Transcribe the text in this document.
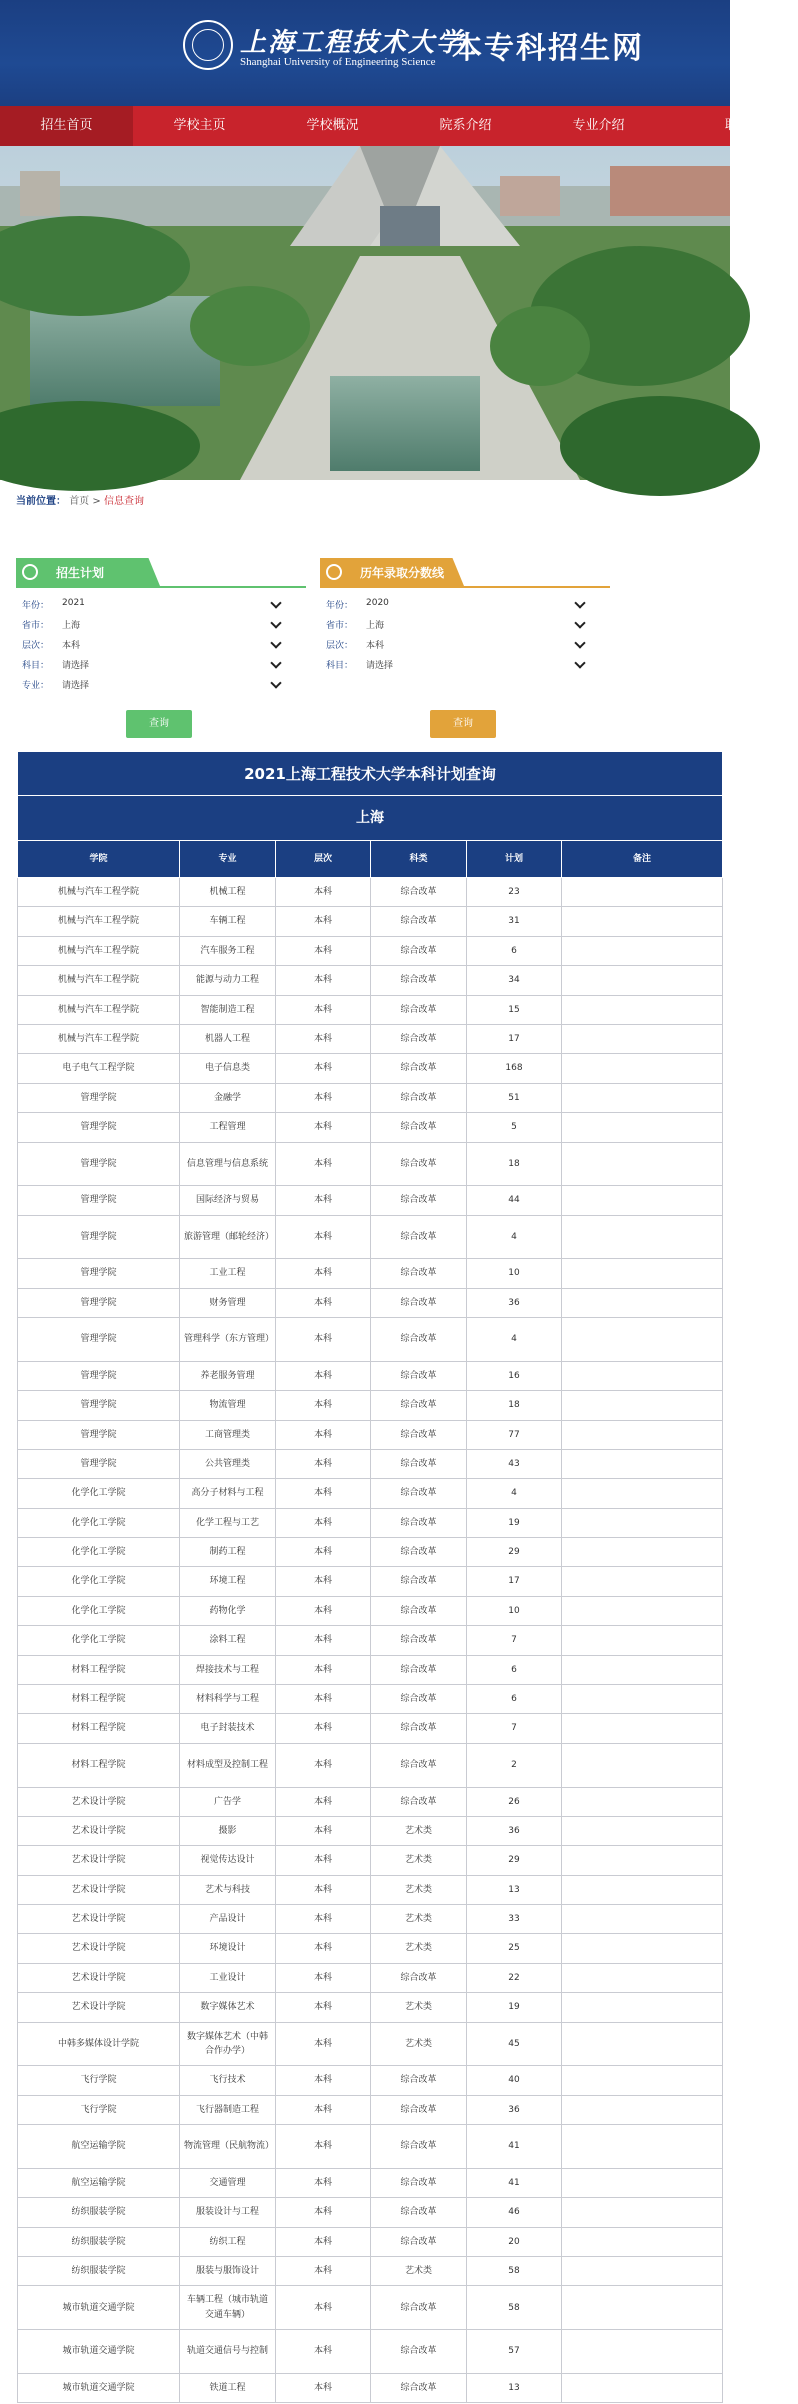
上海工程技术大学
Shanghai University of Engineering Science 本专科招生网
招生首页	学校主页	学校概况	院系介绍	专业介绍	联
当前位置： 首页 > 信息查询
招生计划
年份： 2021
省市： 上海
层次： 本科
科目： 请选择
专业： 请选择
历年录取分数线
年份： 2020
省市： 上海
层次： 本科
科目： 请选择
查询	查询
2021上海工程技术大学本科计划查询					
上海					
学院	专业	层次	科类	计划	备注
机械与汽车工程学院	机械工程	本科	综合改革	23	
机械与汽车工程学院	车辆工程	本科	综合改革	31	
机械与汽车工程学院	汽车服务工程	本科	综合改革	6	
机械与汽车工程学院	能源与动力工程	本科	综合改革	34	
机械与汽车工程学院	智能制造工程	本科	综合改革	15	
机械与汽车工程学院	机器人工程	本科	综合改革	17	
电子电气工程学院	电子信息类	本科	综合改革	168	
管理学院	金融学	本科	综合改革	51	
管理学院	工程管理	本科	综合改革	5	
管理学院	信息管理与信息系统	本科	综合改革	18	
管理学院	国际经济与贸易	本科	综合改革	44	
管理学院	旅游管理（邮轮经济）	本科	综合改革	4	
管理学院	工业工程	本科	综合改革	10	
管理学院	财务管理	本科	综合改革	36	
管理学院	管理科学（东方管理）	本科	综合改革	4	
管理学院	养老服务管理	本科	综合改革	16	
管理学院	物流管理	本科	综合改革	18	
管理学院	工商管理类	本科	综合改革	77	
管理学院	公共管理类	本科	综合改革	43	
化学化工学院	高分子材料与工程	本科	综合改革	4	
化学化工学院	化学工程与工艺	本科	综合改革	19	
化学化工学院	制药工程	本科	综合改革	29	
化学化工学院	环境工程	本科	综合改革	17	
化学化工学院	药物化学	本科	综合改革	10	
化学化工学院	涂料工程	本科	综合改革	7	
材料工程学院	焊接技术与工程	本科	综合改革	6	
材料工程学院	材料科学与工程	本科	综合改革	6	
材料工程学院	电子封装技术	本科	综合改革	7	
材料工程学院	材料成型及控制工程	本科	综合改革	2	
艺术设计学院	广告学	本科	综合改革	26	
艺术设计学院	摄影	本科	艺术类	36	
艺术设计学院	视觉传达设计	本科	艺术类	29	
艺术设计学院	艺术与科技	本科	艺术类	13	
艺术设计学院	产品设计	本科	艺术类	33	
艺术设计学院	环境设计	本科	艺术类	25	
艺术设计学院	工业设计	本科	综合改革	22	
艺术设计学院	数字媒体艺术	本科	艺术类	19	
中韩多媒体设计学院	数字媒体艺术（中韩合作办学）	本科	艺术类	45	
飞行学院	飞行技术	本科	综合改革	40	
飞行学院	飞行器制造工程	本科	综合改革	36	
航空运输学院	物流管理（民航物流）	本科	综合改革	41	
航空运输学院	交通管理	本科	综合改革	41	
纺织服装学院	服装设计与工程	本科	综合改革	46	
纺织服装学院	纺织工程	本科	综合改革	20	
纺织服装学院	服装与服饰设计	本科	艺术类	58	
城市轨道交通学院	车辆工程（城市轨道交通车辆）	本科	综合改革	58	
城市轨道交通学院	轨道交通信号与控制	本科	综合改革	57	
城市轨道交通学院	铁道工程	本科	综合改革	13	
